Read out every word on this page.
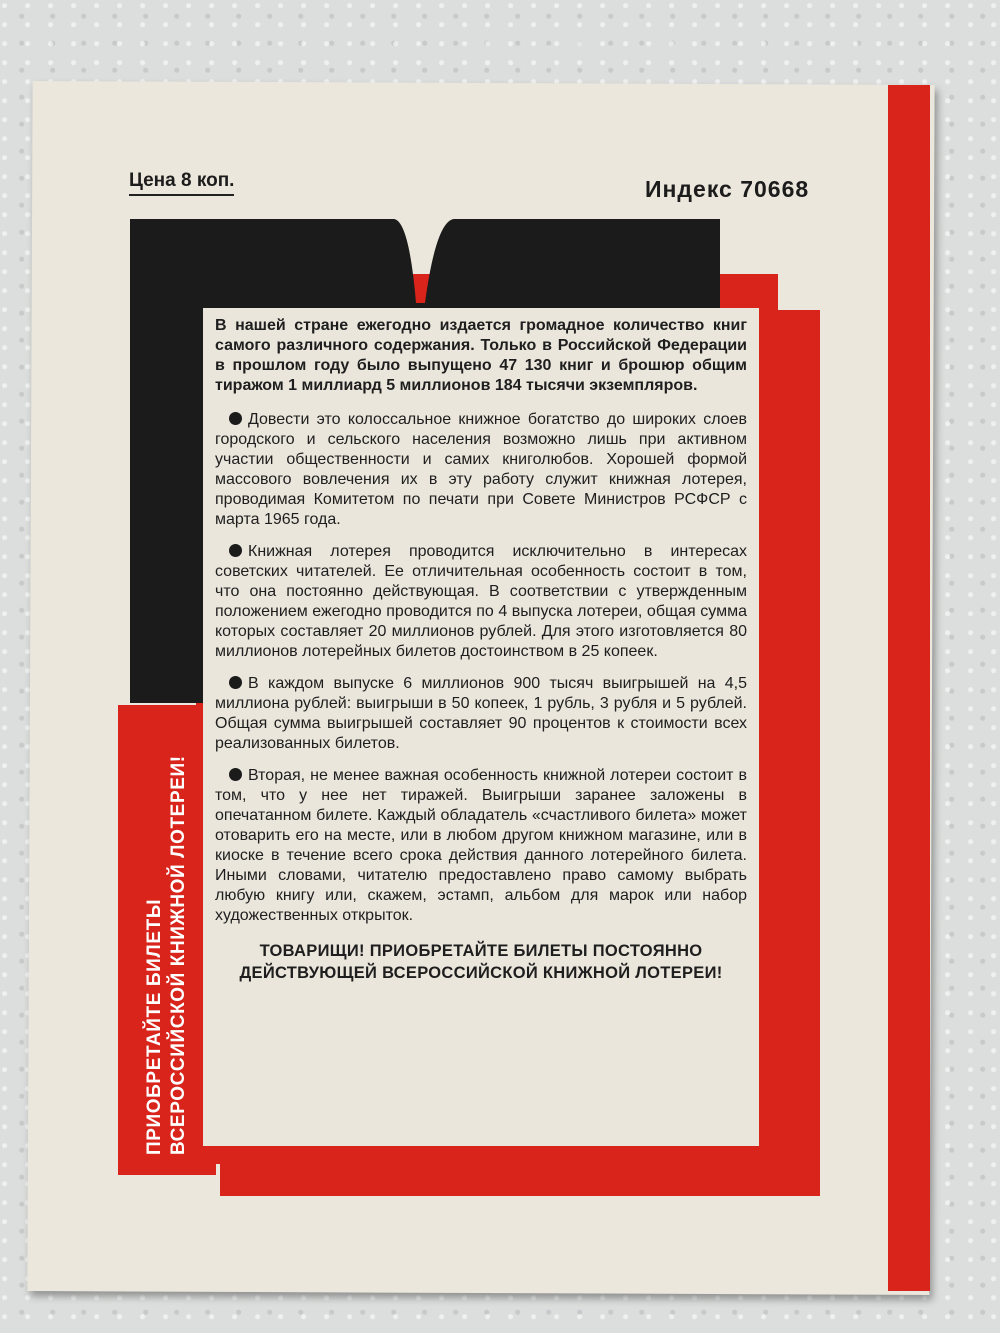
Цена 8 коп.	Индекс 70668
ПРИОБРЕТАЙТЕ БИЛЕТЫ ВСЕРОССИЙСКОЙ КНИЖНОЙ ЛОТЕРЕИ!

В нашей стране ежегодно издается громадное количество книг самого различного содержания. Только в Российской Федерации в прошлом году было выпущено 47 130 книг и брошюр общим тиражом 1 миллиард 5 миллионов 184 тысячи экземпляров.

Довести это колоссальное книжное богатство до широких слоев городского и сельского населения возможно лишь при активном участии общественности и самих книголюбов. Хорошей формой массового вовлечения их в эту работу служит книжная лотерея, проводимая Комитетом по печати при Совете Министров РСФСР с марта 1965 года.

Книжная лотерея проводится исключительно в интересах советских читателей. Ее отличительная особенность состоит в том, что она постоянно действующая. В соответствии с утвержденным положением ежегодно проводится по 4 выпуска лотереи, общая сумма которых составляет 20 миллионов рублей. Для этого изготовляется 80 миллионов лотерейных билетов достоинством в 25 копеек.

В каждом выпуске 6 миллионов 900 тысяч выигрышей на 4,5 миллиона рублей: выигрыши в 50 копеек, 1 рубль, 3 рубля и 5 рублей. Общая сумма выигрышей составляет 90 процентов к стоимости всех реализованных билетов.

Вторая, не менее важная особенность книжной лотереи состоит в том, что у нее нет тиражей. Выигрыши заранее заложены в опечатанном билете. Каждый обладатель «счастливого билета» может отоварить его на месте, или в любом другом книжном магазине, или в киоске в течение всего срока действия данного лотерейного билета. Иными словами, читателю предоставлено право самому выбрать любую книгу или, скажем, эстамп, альбом для марок или набор художественных открыток.

ТОВАРИЩИ! ПРИОБРЕТАЙТЕ БИЛЕТЫ ПОСТОЯННО ДЕЙСТВУЮЩЕЙ ВСЕРОССИЙСКОЙ КНИЖНОЙ ЛОТЕРЕИ!
